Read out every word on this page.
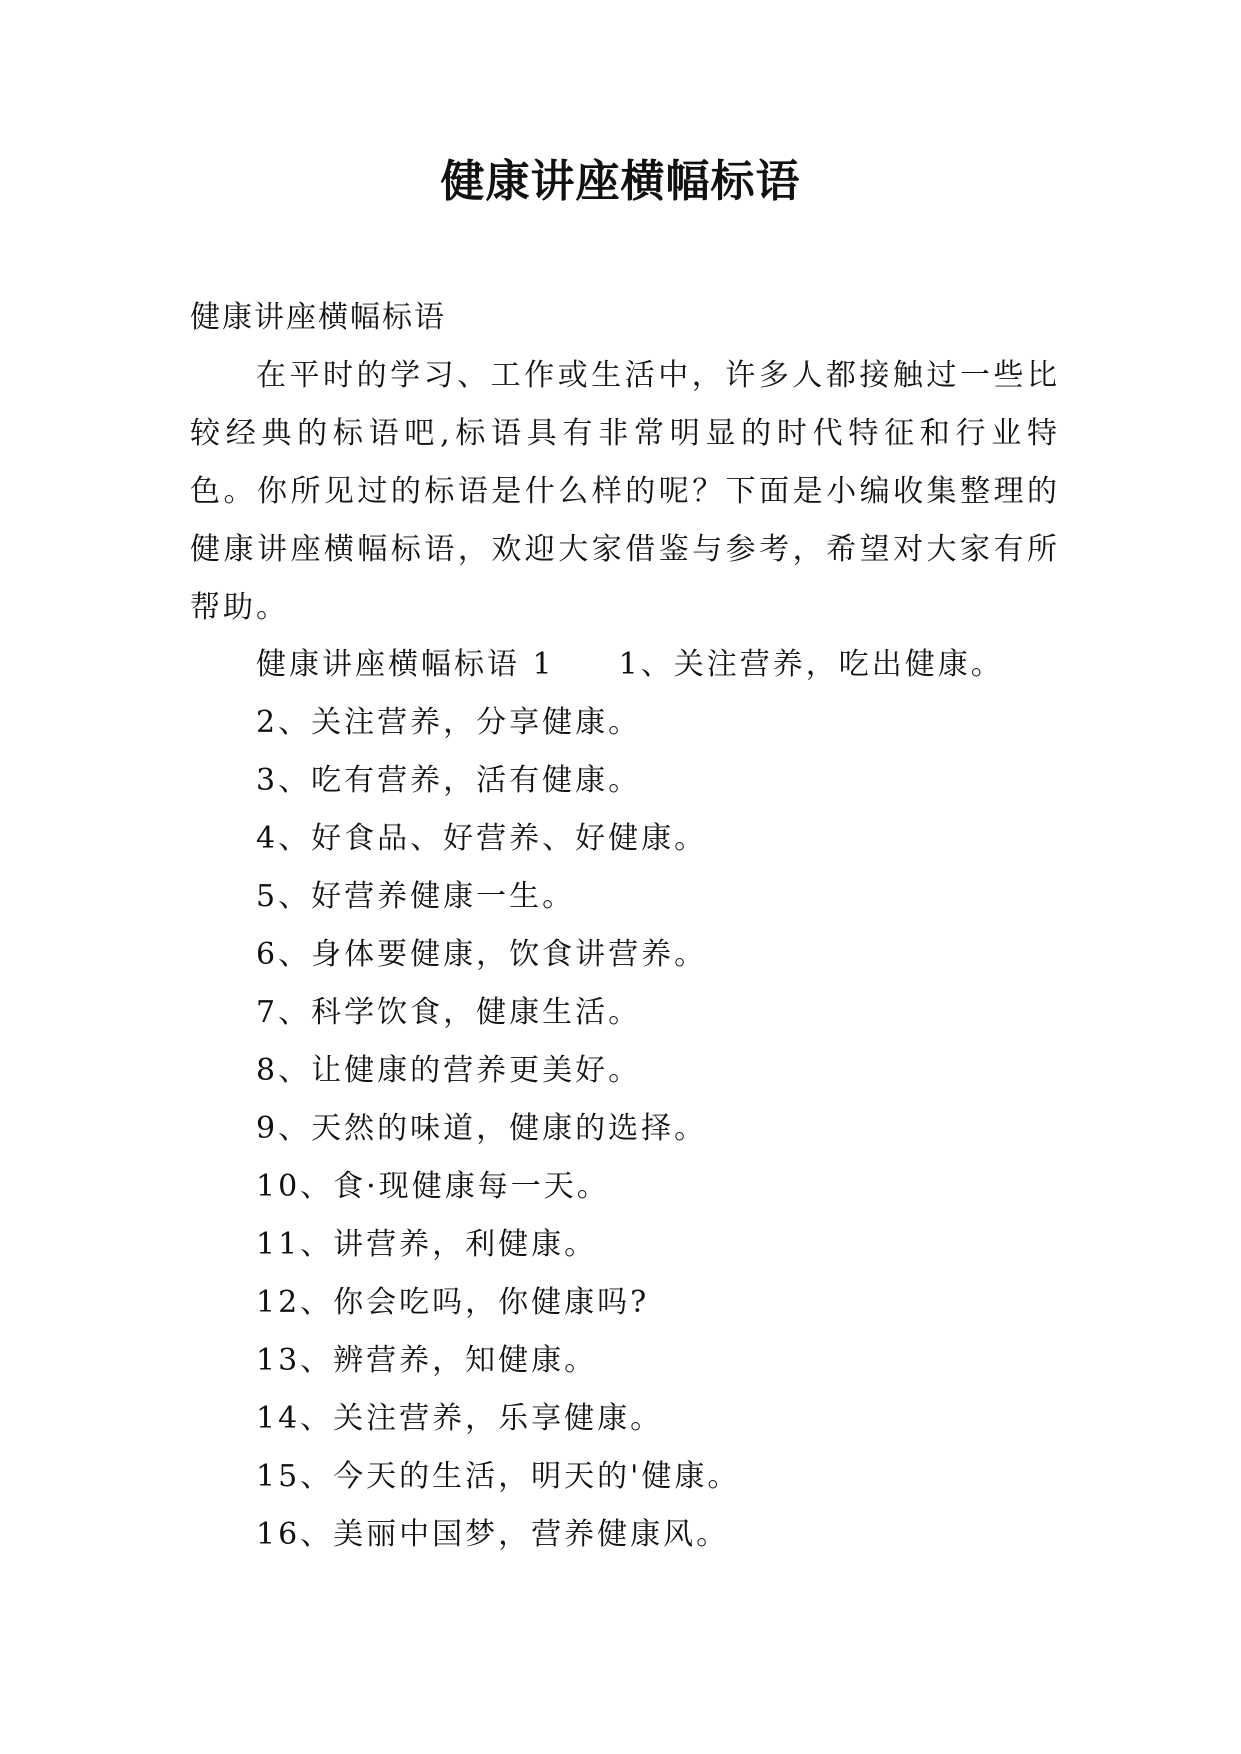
健康讲座横幅标语
健康讲座横幅标语

在平时的学习、工作或生活中，许多人都接触过一些比较经典的标语吧,标语具有非常明显的时代特征和行业特色。你所见过的标语是什么样的呢？下面是小编收集整理的健康讲座横幅标语，欢迎大家借鉴与参考，希望对大家有所帮助。

健康讲座横幅标语 1 1、关注营养，吃出健康。
2、关注营养，分享健康。
3、吃有营养，活有健康。
4、好食品、好营养、好健康。
5、好营养健康一生。
6、身体要健康，饮食讲营养。
7、科学饮食，健康生活。
8、让健康的营养更美好。
9、天然的味道，健康的选择。
10、食·现健康每一天。
11、讲营养，利健康。
12、你会吃吗，你健康吗?
13、辨营养，知健康。
14、关注营养，乐享健康。
15、今天的生活，明天的'健康。
16、美丽中国梦，营养健康风。
